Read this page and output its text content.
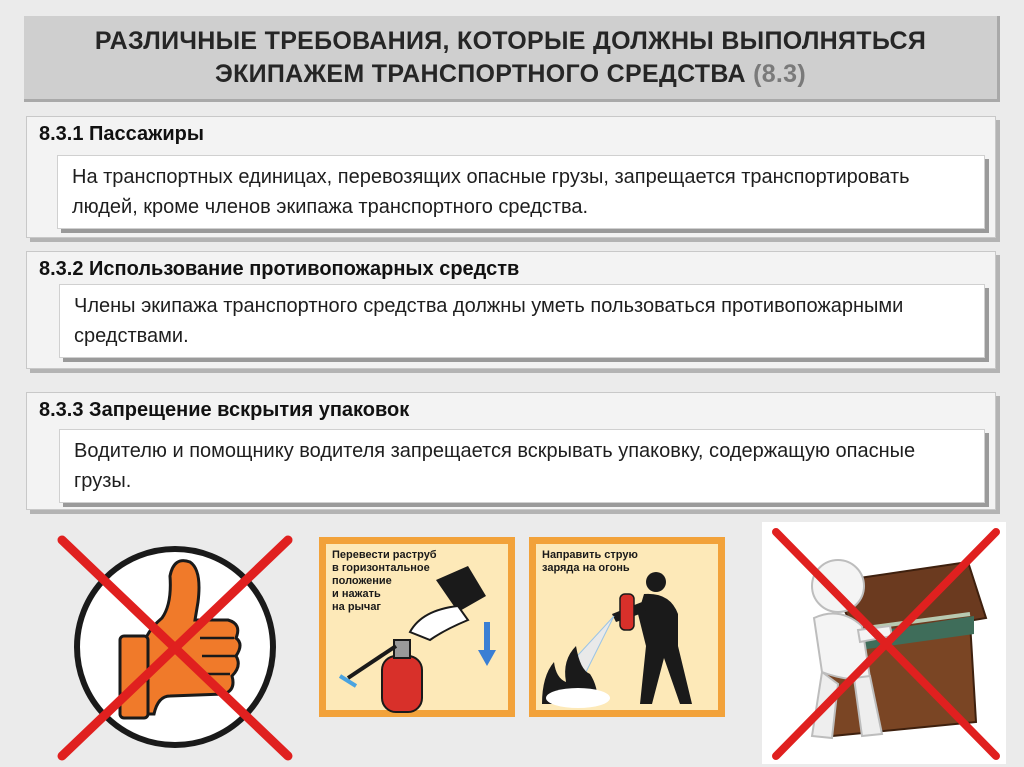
РАЗЛИЧНЫЕ ТРЕБОВАНИЯ, КОТОРЫЕ ДОЛЖНЫ ВЫПОЛНЯТЬСЯ
ЭКИПАЖЕМ ТРАНСПОРТНОГО СРЕДСТВА (8.3)
8.3.1 Пассажиры
На транспортных единицах, перевозящих опасные грузы, запрещается транспортировать людей, кроме членов экипажа транспортного средства.
8.3.2 Использование противопожарных средств
Члены экипажа транспортного средства должны уметь пользоваться противопожарными средствами.
8.3.3 Запрещение вскрытия упаковок
Водителю и помощнику водителя запрещается вскрывать упаковку, содержащую опасные грузы.
Перевести раструб
в горизонтальное
положение
и нажать
на рычаг
Направить струю
заряда на огонь
